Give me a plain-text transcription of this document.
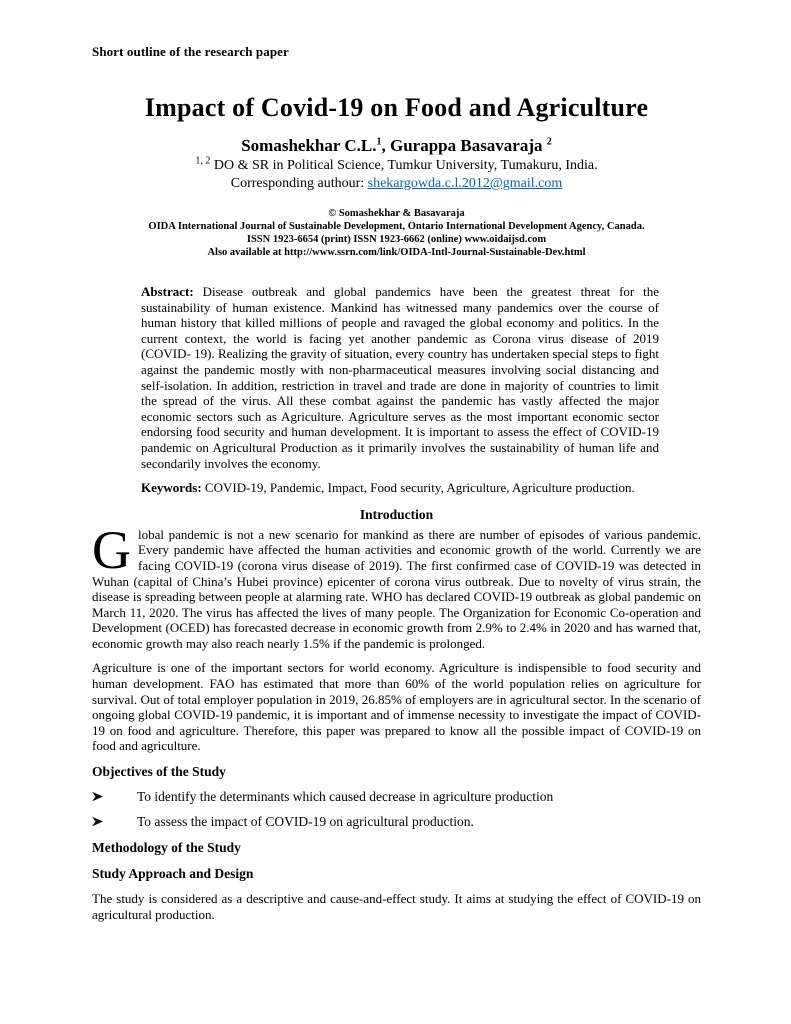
Short outline of the research paper
Impact of Covid-19 on Food and Agriculture
Somashekhar C.L.$^1$, Gurappa Basavaraja $^2$
$^{1, 2}$ DO & SR in Political Science, Tumkur University, Tumakuru, India.
Corresponding authour: shekargowda.c.l.2012@gmail.com
© Somashekhar & Basavaraja
OIDA International Journal of Sustainable Development, Ontario International Development Agency, Canada.
ISSN 1923-6654 (print) ISSN 1923-6662 (online) www.oidaijsd.com
Also available at http://www.ssrn.com/link/OIDA-Intl-Journal-Sustainable-Dev.html

Abstract: Disease outbreak and global pandemics have been the greatest threat for the sustainability of human existence. Mankind has witnessed many pandemics over the course of human history that killed millions of people and ravaged the global economy and politics. In the current context, the world is facing yet another pandemic as Corona virus disease of 2019 (COVID- 19). Realizing the gravity of situation, every country has undertaken special steps to fight against the pandemic mostly with non-pharmaceutical measures involving social distancing and self-isolation. In addition, restriction in travel and trade are done in majority of countries to limit the spread of the virus. All these combat against the pandemic has vastly affected the major economic sectors such as Agriculture. Agriculture serves as the most important economic sector endorsing food security and human development. It is important to assess the effect of COVID-19 pandemic on Agricultural Production as it primarily involves the sustainability of human life and secondarily involves the economy.

Keywords: COVID-19, Pandemic, Impact, Food security, Agriculture, Agriculture production.

Introduction

Global pandemic is not a new scenario for mankind as there are number of episodes of various pandemic. Every pandemic have affected the human activities and economic growth of the world. Currently we are facing COVID-19 (corona virus disease of 2019). The first confirmed case of COVID-19 was detected in Wuhan (capital of China’s Hubei province) epicenter of corona virus outbreak. Due to novelty of virus strain, the disease is spreading between people at alarming rate. WHO has declared COVID-19 outbreak as global pandemic on March 11, 2020. The virus has affected the lives of many people. The Organization for Economic Co-operation and Development (OCED) has forecasted decrease in economic growth from 2.9% to 2.4% in 2020 and has warned that, economic growth may also reach nearly 1.5% if the pandemic is prolonged.

Agriculture is one of the important sectors for world economy. Agriculture is indispensible to food security and human development. FAO has estimated that more than 60% of the world population relies on agriculture for survival. Out of total employer population in 2019, 26.85% of employers are in agricultural sector. In the scenario of ongoing global COVID-19 pandemic, it is important and of immense necessity to investigate the impact of COVID-19 on food and agriculture. Therefore, this paper was prepared to know all the possible impact of COVID-19 on food and agriculture.

Objectives of the Study
To identify the determinants which caused decrease in agriculture production
To assess the impact of COVID-19 on agricultural production.
Methodology of the Study
Study Approach and Design

The study is considered as a descriptive and cause-and-effect study. It aims at studying the effect of COVID-19 on agricultural production.
